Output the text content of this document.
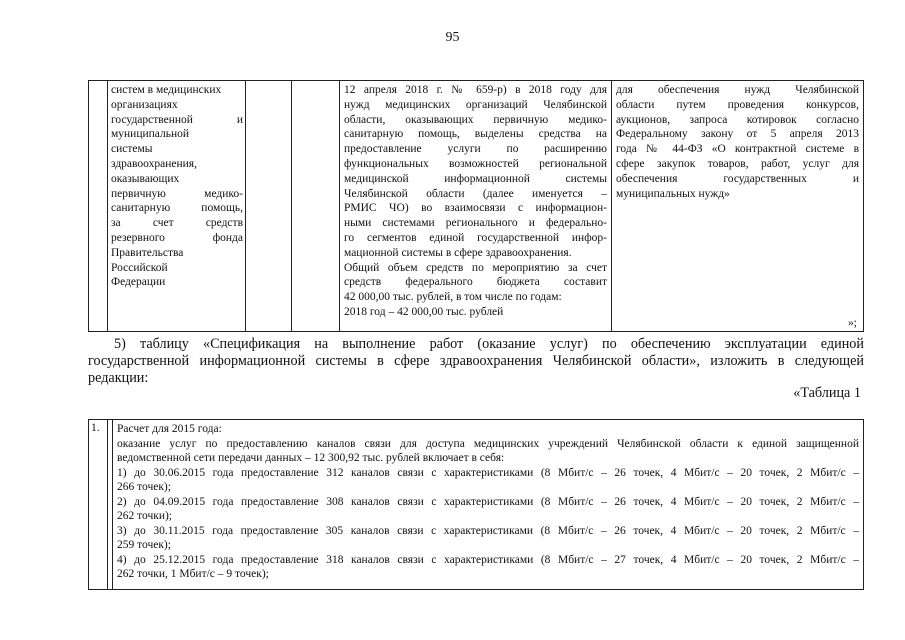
95
систем в медицинских
организациях
государственной и
муниципальной
системы
здравоохранения,
оказывающих
первичную медико-
санитарную помощь,
за счет средств
резервного фонда
Правительства
Российской
Федерации
12 апреля 2018 г. № 659-р) в 2018 году для
нужд медицинских организаций Челябинской
области, оказывающих первичную медико-
санитарную помощь, выделены средства на
предоставление услуги по расширению
функциональных возможностей региональной
медицинской информационной системы
Челябинской области (далее именуется –
РМИС ЧО) во взаимосвязи с информацион-
ными системами регионального и федерально-
го сегментов единой государственной инфор-
мационной системы в сфере здравоохранения.
Общий объем средств по мероприятию за счет
средств федерального бюджета составит
42 000,00 тыс. рублей, в том числе по годам:
2018 год – 42 000,00 тыс. рублей
для обеспечения нужд Челябинской
области путем проведения конкурсов,
аукционов, запроса котировок согласно
Федеральному закону от 5 апреля 2013
года № 44-ФЗ «О контрактной системе в
сфере закупок товаров, работ, услуг для
обеспечения государственных и
муниципальных нужд»
»;
5) таблицу «Спецификация на выполнение работ (оказание услуг) по обеспечению эксплуатации единой
государственной информационной системы в сфере здравоохранения Челябинской области», изложить в следующей
редакции:
«Таблица 1
1.	Расчет для 2015 года:
оказание услуг по предоставлению каналов связи для доступа медицинских учреждений Челябинской области к единой защищенной
ведомственной сети передачи данных – 12 300,92 тыс. рублей включает в себя:
1) до 30.06.2015 года предоставление 312 каналов связи с характеристиками (8 Мбит/с – 26 точек, 4 Мбит/с – 20 точек, 2 Мбит/с –
266 точек);
2) до 04.09.2015 года предоставление 308 каналов связи с характеристиками (8 Мбит/с – 26 точек, 4 Мбит/с – 20 точек, 2 Мбит/с –
262 точки);
3) до 30.11.2015 года предоставление 305 каналов связи с характеристиками (8 Мбит/с – 26 точек, 4 Мбит/с – 20 точек, 2 Мбит/с –
259 точек);
4) до 25.12.2015 года предоставление 318 каналов связи с характеристиками (8 Мбит/с – 27 точек, 4 Мбит/с – 20 точек, 2 Мбит/с –
262 точки, 1 Мбит/с – 9 точек);
